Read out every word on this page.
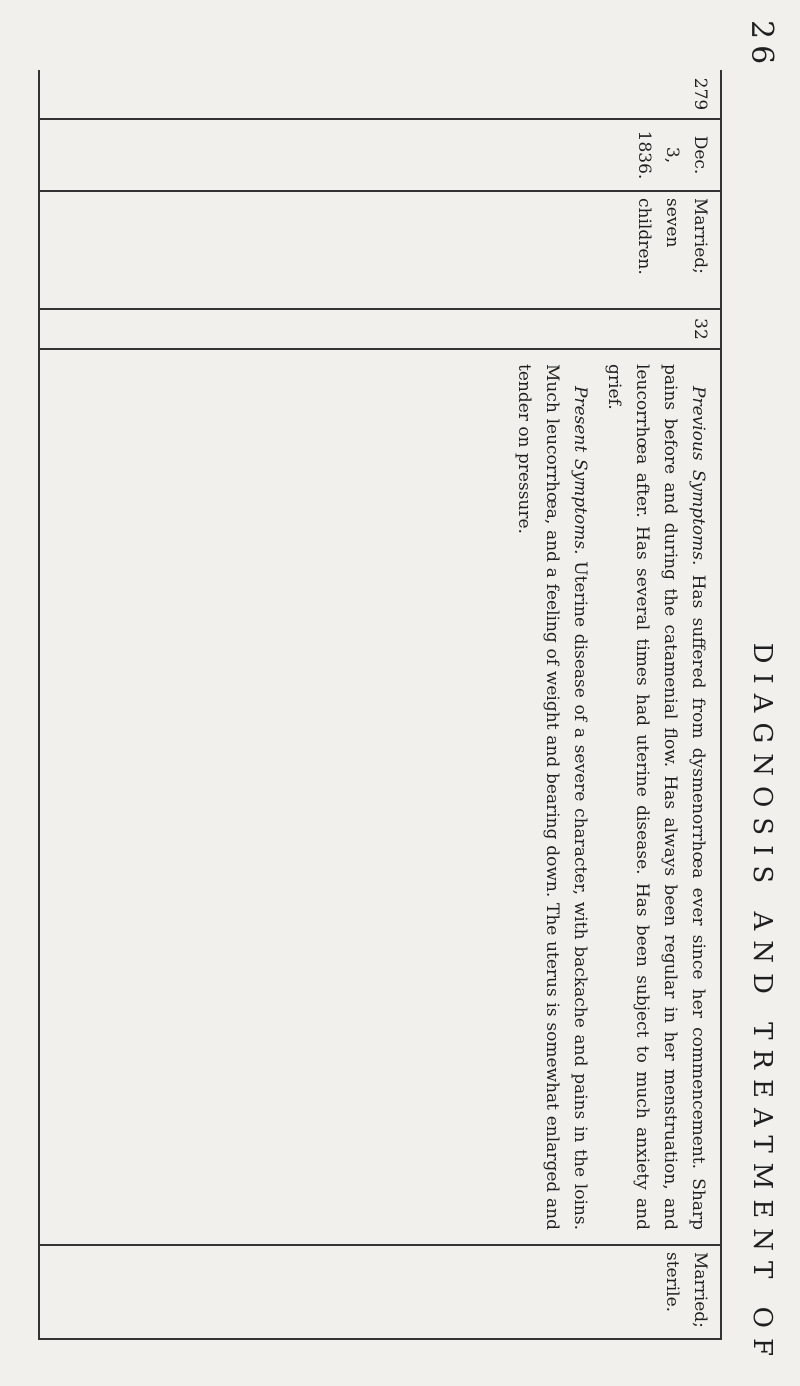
26
DIAGNOSIS AND TREATMENT OF
279
Dec. 3, 1836.
Married; seven children.
32

Previous Symptoms. Has suffered from dysmenorrhœa ever since her commencement. Sharp pains before and during the catamenial flow. Has always been regular in her menstruation, and leucorrhœa after. Has several times had uterine disease. Has been subject to much anxiety and grief.

Present Symptoms. Uterine disease of a severe character, with backache and pains in the loins. Much leucorrhœa, and a feeling of weight and bearing down. The uterus is somewhat enlarged and tender on pressure.

Married; sterile.
